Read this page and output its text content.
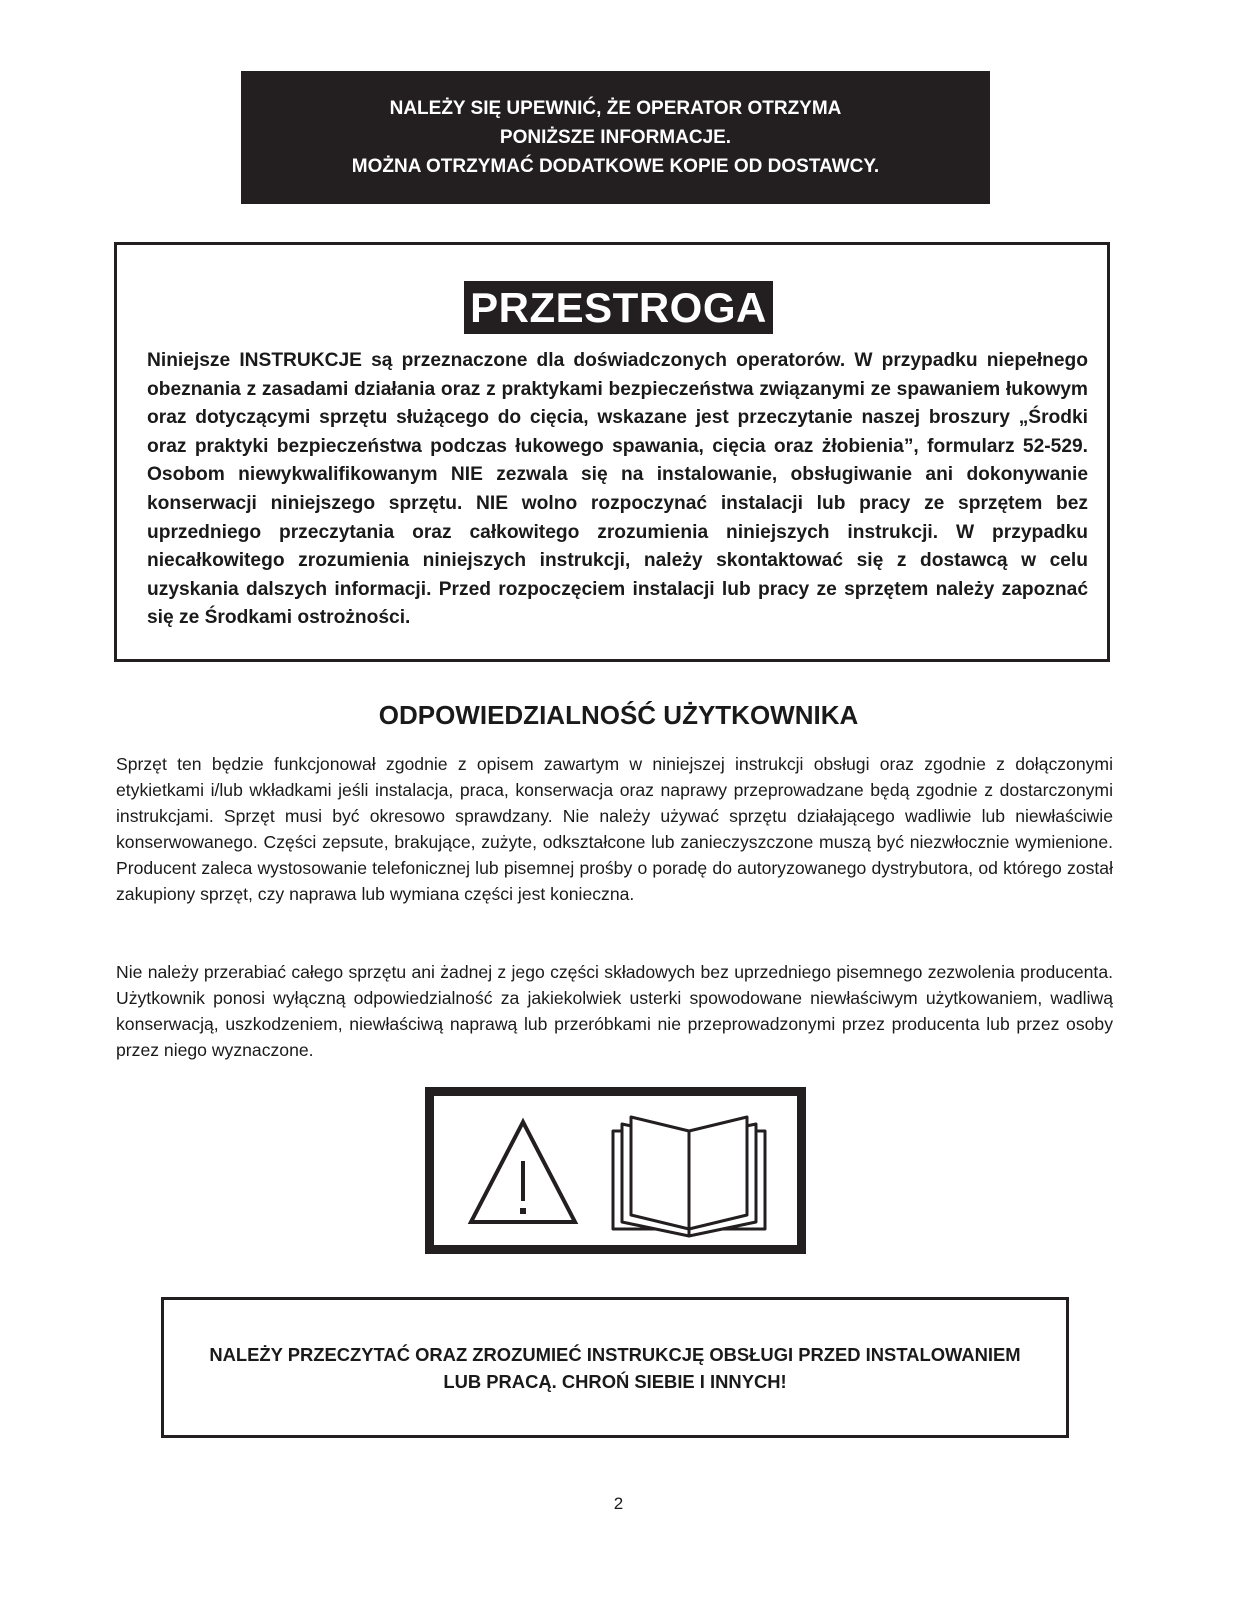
NALEŻY SIĘ UPEWNIĆ, ŻE OPERATOR OTRZYMA
PONIŻSZE INFORMACJE.
MOŻNA OTRZYMAĆ DODATKOWE KOPIE OD DOSTAWCY.
PRZESTROGA
Niniejsze INSTRUKCJE są przeznaczone dla doświadczonych operatorów. W przypadku niepełnego obeznania z zasadami działania oraz z praktykami bezpieczeństwa związanymi ze spawaniem łukowym oraz dotyczącymi sprzętu służącego do cięcia, wskazane jest przeczytanie naszej broszury „Środki oraz praktyki bezpieczeństwa podczas łukowego spawania, cięcia oraz żłobienia”, formularz 52-529. Osobom niewykwalifikowanym NIE zezwala się na instalowanie, obsługiwanie ani dokonywanie konserwacji niniejszego sprzętu. NIE wolno rozpoczynać instalacji lub pracy ze sprzętem bez uprzedniego przeczytania oraz całkowitego zrozumienia niniejszych instrukcji. W przypadku niecałkowitego zrozumienia niniejszych instrukcji, należy skontaktować się z dostawcą w celu uzyskania dalszych informacji. Przed rozpoczęciem instalacji lub pracy ze sprzętem należy zapoznać się ze Środkami ostrożności.
ODPOWIEDZIALNOŚĆ UŻYTKOWNIKA
Sprzęt ten będzie funkcjonował zgodnie z opisem zawartym w niniejszej instrukcji obsługi oraz zgodnie z dołączonymi etykietkami i/lub wkładkami jeśli instalacja, praca, konserwacja oraz naprawy przeprowadzane będą zgodnie z dostarczonymi instrukcjami. Sprzęt musi być okresowo sprawdzany. Nie należy używać sprzętu działającego wadliwie lub niewłaściwie konserwowanego. Części zepsute, brakujące, zużyte, odkształcone lub zanieczyszczone muszą być niezwłocznie wymienione. Producent zaleca wystosowanie telefonicznej lub pisemnej prośby o poradę do autoryzowanego dystrybutora, od którego został zakupiony sprzęt, czy naprawa lub wymiana części jest konieczna.
Nie należy przerabiać całego sprzętu ani żadnej z jego części składowych bez uprzedniego pisemnego zezwolenia producenta. Użytkownik ponosi wyłączną odpowiedzialność za jakiekolwiek usterki spowodowane niewłaściwym użytkowaniem, wadliwą konserwacją, uszkodzeniem, niewłaściwą naprawą lub przeróbkami nie przeprowadzonymi przez producenta lub przez osoby przez niego wyznaczone.
NALEŻY PRZECZYTAĆ ORAZ ZROZUMIEĆ INSTRUKCJĘ OBSŁUGI PRZED INSTALOWANIEM
LUB PRACĄ. CHROŃ SIEBIE I INNYCH!
2
